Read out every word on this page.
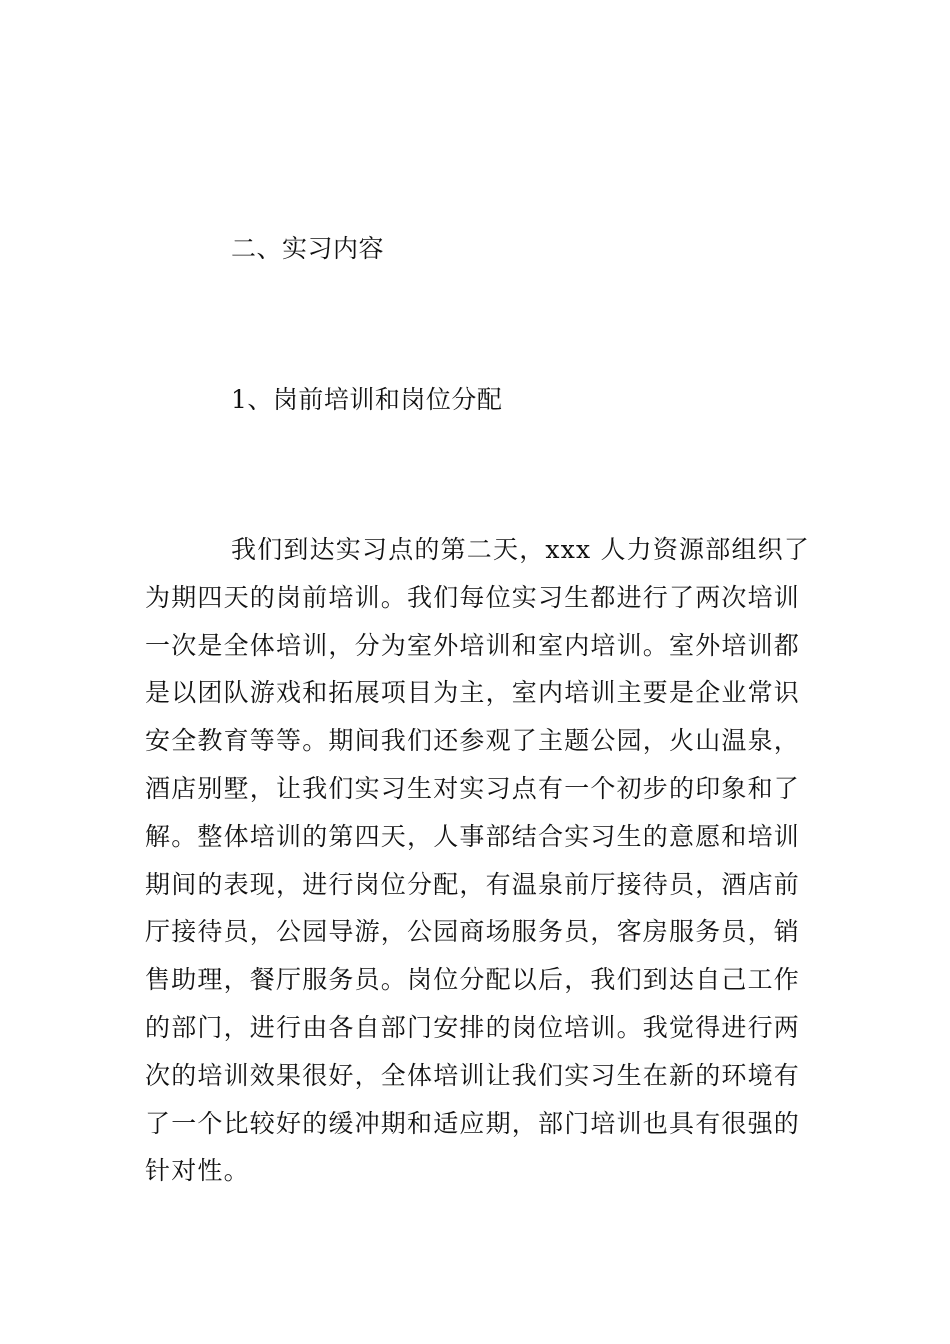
二、实习内容
1、岗前培训和岗位分配
我们到达实习点的第二天，xxx 人力资源部组织了
为期四天的岗前培训。我们每位实习生都进行了两次培训
一次是全体培训，分为室外培训和室内培训。室外培训都
是以团队游戏和拓展项目为主，室内培训主要是企业常识
安全教育等等。期间我们还参观了主题公园，火山温泉，
酒店别墅，让我们实习生对实习点有一个初步的印象和了
解。整体培训的第四天，人事部结合实习生的意愿和培训
期间的表现，进行岗位分配，有温泉前厅接待员，酒店前
厅接待员，公园导游，公园商场服务员，客房服务员，销
售助理，餐厅服务员。岗位分配以后，我们到达自己工作
的部门，进行由各自部门安排的岗位培训。我觉得进行两
次的培训效果很好，全体培训让我们实习生在新的环境有
了一个比较好的缓冲期和适应期，部门培训也具有很强的
针对性。
